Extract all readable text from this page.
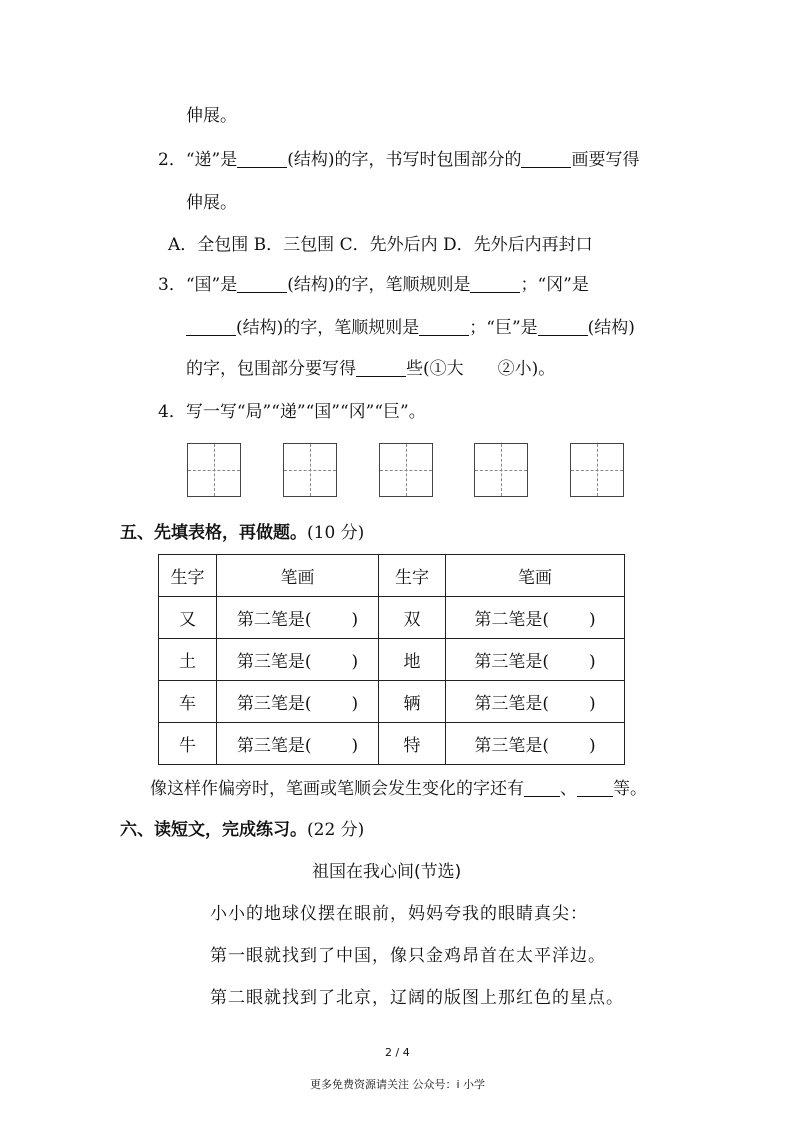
伸展。
2．“递”是	(结构)的字，书写时包围部分的	画要写得
伸展。
A．全包围 B．三包围 C．先外后内 D．先外后内再封口
3．“国”是	(结构)的字，笔顺规则是	；“冈”是
(结构)的字，笔顺规则是	；“巨”是	(结构)
的字，包围部分要写得	些(①大　　②小)。
4．写一写“局”“递”“国”“冈”“巨”。
五、先填表格，再做题。(10 分)
生字	笔画	生字	笔画
又	第二笔是( )	双	第二笔是( )
土	第三笔是( )	地	第三笔是( )
车	第三笔是( )	辆	第三笔是( )
牛	第三笔是( )	特	第三笔是( )
像这样作偏旁时，笔画或笔顺会发生变化的字还有 、 等。
六、读短文，完成练习。(22 分)
祖国在我心间(节选)
小小的地球仪摆在眼前，妈妈夸我的眼睛真尖：
第一眼就找到了中国，像只金鸡昂首在太平洋边。
第二眼就找到了北京，辽阔的版图上那红色的星点。
2 / 4
更多免费资源请关注 公众号：i 小学
